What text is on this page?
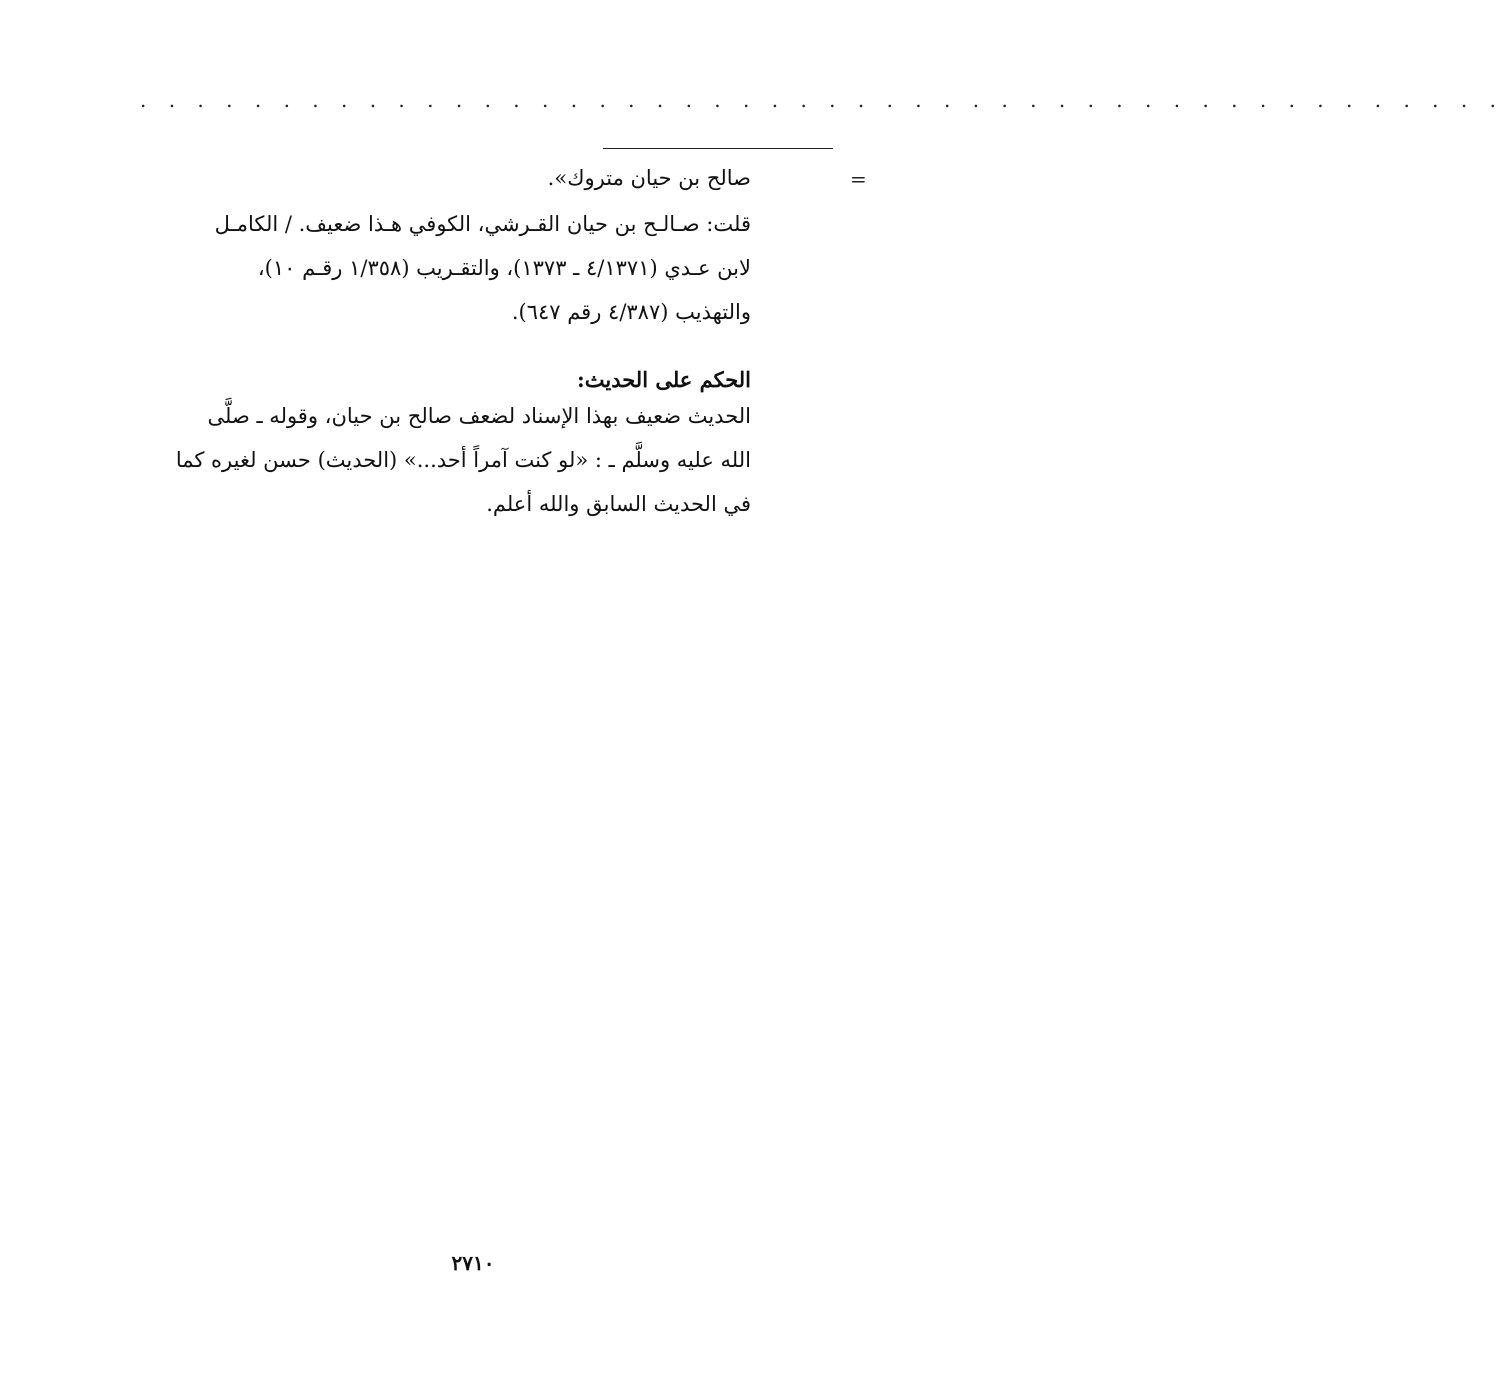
. . . . . . . . . . . . . . . . . . . . . . . . . . . . . . . . . . . . . . . . . . . . . . . .
=
صالح بن حيان متروك».
قلت: صـالـح بن حيان القـرشي، الكوفي هـذا ضعيف. / الكامـل
لابن عـدي (٤/١٣٧١ ـ ١٣٧٣)، والتقـريب (١/٣٥٨ رقـم ١٠)،
والتهذيب (٤/٣٨٧ رقم ٦٤٧).
الحكم على الحديث:
الحديث ضعيف بهذا الإسناد لضعف صالح بن حيان، وقوله ـ صلَّى
الله عليه وسلَّم ـ : «لو كنت آمراً أحد...» (الحديث) حسن لغيره كما
في الحديث السابق والله أعلم.
٢٧١٠
